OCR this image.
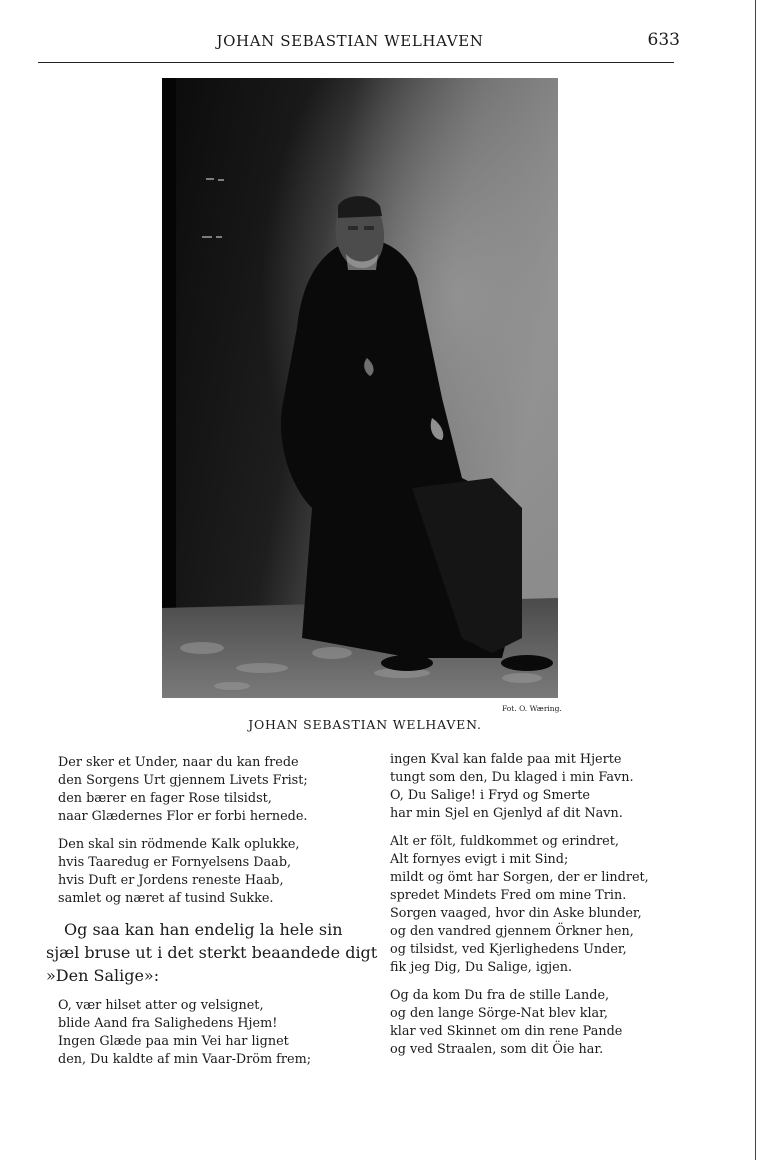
JOHAN SEBASTIAN WELHAVEN	633
Fot. O. Wæring.
JOHAN SEBASTIAN WELHAVEN.
Der sker et Under, naar du kan frede
den Sorgens Urt gjennem Livets Frist;
den bærer en fager Rose tilsidst,
naar Glædernes Flor er forbi hernede.
Den skal sin rödmende Kalk oplukke,
hvis Taaredug er Fornyelsens Daab,
hvis Duft er Jordens reneste Haab,
samlet og næret af tusind Sukke.
Og saa kan han endelig la hele sin
sjæl bruse ut i det sterkt beaandede digt
»Den Salige»:
O, vær hilset atter og velsignet,
blide Aand fra Salighedens Hjem!
Ingen Glæde paa min Vei har lignet
den, Du kaldte af min Vaar-Dröm frem;
ingen Kval kan falde paa mit Hjerte
tungt som den, Du klaged i min Favn.
O, Du Salige! i Fryd og Smerte
har min Sjel en Gjenlyd af dit Navn.
Alt er fölt, fuldkommet og erindret,
Alt fornyes evigt i mit Sind;
mildt og ömt har Sorgen, der er lindret,
spredet Mindets Fred om mine Trin.
Sorgen vaaged, hvor din Aske blunder,
og den vandred gjennem Örkner hen,
og tilsidst, ved Kjerlighedens Under,
fik jeg Dig, Du Salige, igjen.
Og da kom Du fra de stille Lande,
og den lange Sörge-Nat blev klar,
klar ved Skinnet om din rene Pande
og ved Straalen, som dit Öie har.
